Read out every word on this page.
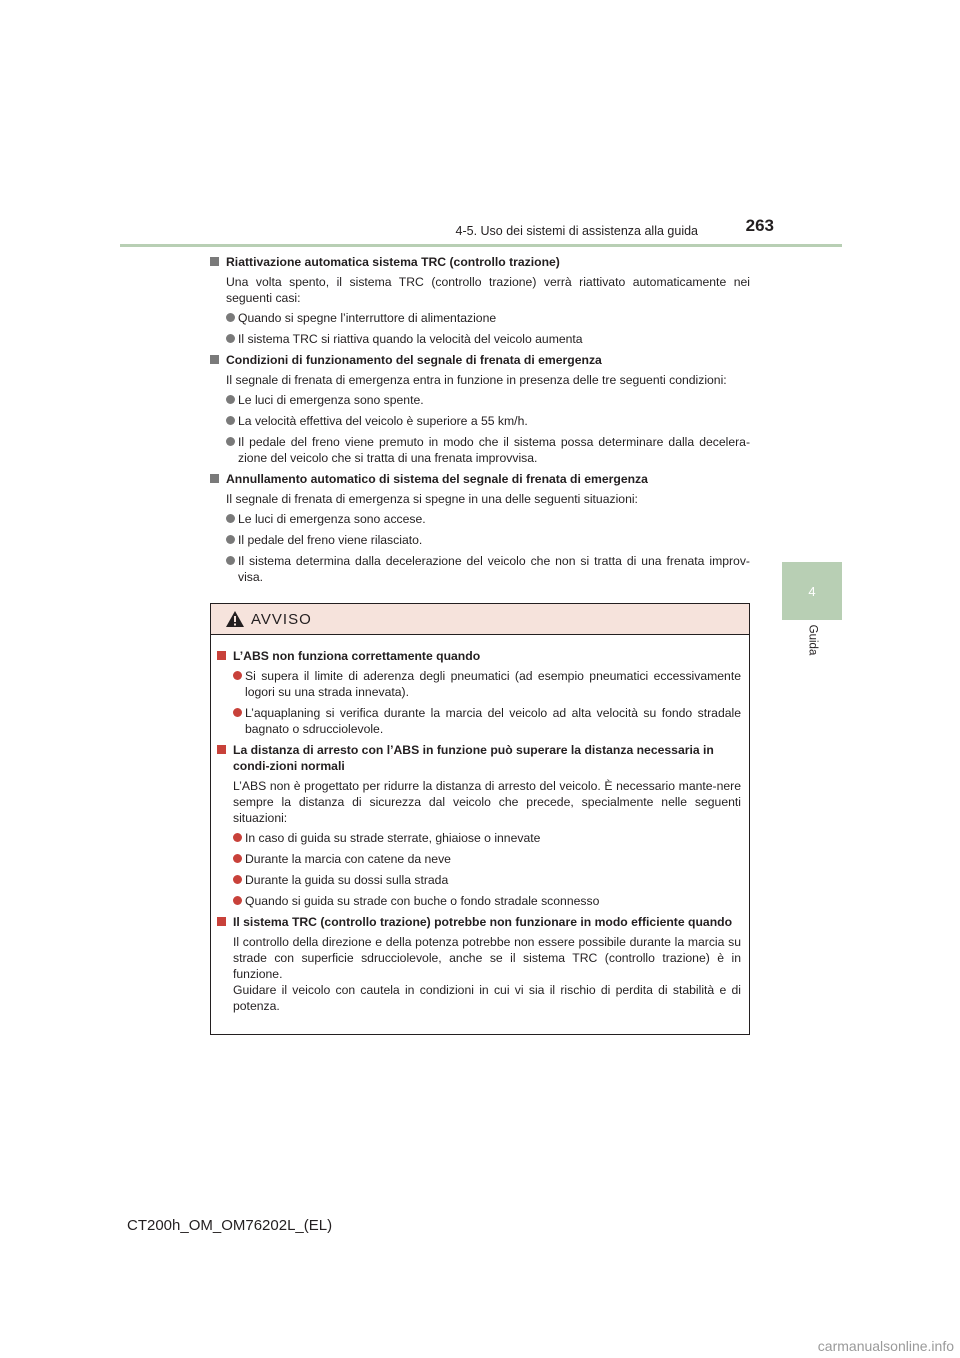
4-5. Uso dei sistemi di assistenza alla guida	263
4
Guida
Riattivazione automatica sistema TRC (controllo trazione)
Una volta spento, il sistema TRC (controllo trazione) verrà riattivato automaticamente nei seguenti casi:
Quando si spegne l’interruttore di alimentazione
Il sistema TRC si riattiva quando la velocità del veicolo aumenta
Condizioni di funzionamento del segnale di frenata di emergenza
Il segnale di frenata di emergenza entra in funzione in presenza delle tre seguenti condizioni:
Le luci di emergenza sono spente.
La velocità effettiva del veicolo è superiore a 55 km/h.
Il pedale del freno viene premuto in modo che il sistema possa determinare dalla decelera-zione del veicolo che si tratta di una frenata improvvisa.
Annullamento automatico di sistema del segnale di frenata di emergenza
Il segnale di frenata di emergenza si spegne in una delle seguenti situazioni:
Le luci di emergenza sono accese.
Il pedale del freno viene rilasciato.
Il sistema determina dalla decelerazione del veicolo che non si tratta di una frenata improv-visa.
AVVISO
L’ABS non funziona correttamente quando
Si supera il limite di aderenza degli pneumatici (ad esempio pneumatici eccessivamente logori su una strada innevata).
L’aquaplaning si verifica durante la marcia del veicolo ad alta velocità su fondo stradale bagnato o sdrucciolevole.
La distanza di arresto con l’ABS in funzione può superare la distanza necessaria in condi-zioni normali
L’ABS non è progettato per ridurre la distanza di arresto del veicolo. È necessario mante-nere sempre la distanza di sicurezza dal veicolo che precede, specialmente nelle seguenti situazioni:
In caso di guida su strade sterrate, ghiaiose o innevate
Durante la marcia con catene da neve
Durante la guida su dossi sulla strada
Quando si guida su strade con buche o fondo stradale sconnesso
Il sistema TRC (controllo trazione) potrebbe non funzionare in modo efficiente quando
Il controllo della direzione e della potenza potrebbe non essere possibile durante la marcia su strade con superficie sdrucciolevole, anche se il sistema TRC (controllo trazione) è in funzione.
Guidare il veicolo con cautela in condizioni in cui vi sia il rischio di perdita di stabilità e di potenza.
CT200h_OM_OM76202L_(EL)
carmanualsonline.info
